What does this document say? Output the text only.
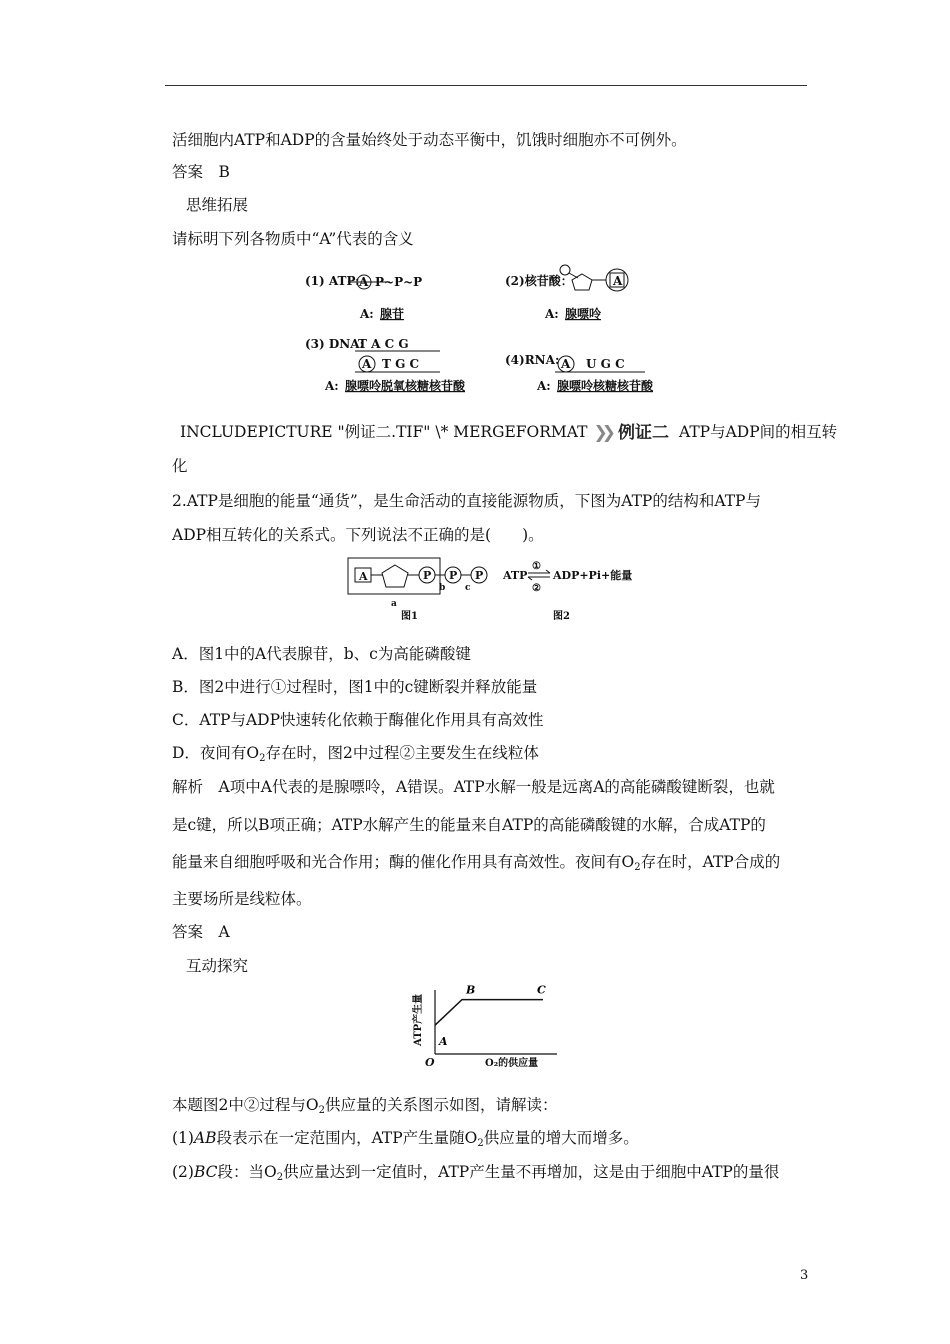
活细胞内ATP和ADP的含量始终处于动态平衡中，饥饿时细胞亦不可例外。
答案　B
思维拓展
请标明下列各物质中“A”代表的含义
(1) ATP: A P~P~P
A: 腺苷
(2)核苷酸：	A
A: 腺嘌呤
(3) DNA:
T A C G
A T G C
A: 腺嘌呤脱氧核糖核苷酸
(4)RNA: A U G C
A: 腺嘌呤核糖核苷酸
INCLUDEPICTURE "例证二.TIF" \* MERGEFORMAT ❯❯ 例证二 ATP与ADP间的相互转
化
2.ATP是细胞的能量“通货”，是生命活动的直接能源物质，下图为ATP的结构和ATP与
ADP相互转化的关系式。下列说法不正确的是(　　)。
A	P P P
a
b c
图1
ATP
①
②
ADP+Pi+能量
图2
A．图1中的A代表腺苷，b、c为高能磷酸键
B．图2中进行①过程时，图1中的c键断裂并释放能量
C．ATP与ADP快速转化依赖于酶催化作用具有高效性
D．夜间有$O_2$存在时，图2中过程②主要发生在线粒体
解析　A项中A代表的是腺嘌呤，A错误。ATP水解一般是远离A的高能磷酸键断裂，也就
是c键，所以B项正确；ATP水解产生的能量来自ATP的高能磷酸键的水解，合成ATP的
能量来自细胞呼吸和光合作用；酶的催化作用具有高效性。夜间有$O_2$存在时，ATP合成的
主要场所是线粒体。
答案　A
互动探究
O	O₂的供应量
ATP产生量 A
B	C
本题图2中②过程与$O_2$供应量的关系图示如图，请解读：
(1)AB段表示在一定范围内，ATP产生量随$O_2$供应量的增大而增多。
(2)BC段：当$O_2$供应量达到一定值时，ATP产生量不再增加，这是由于细胞中ATP的量很
3
